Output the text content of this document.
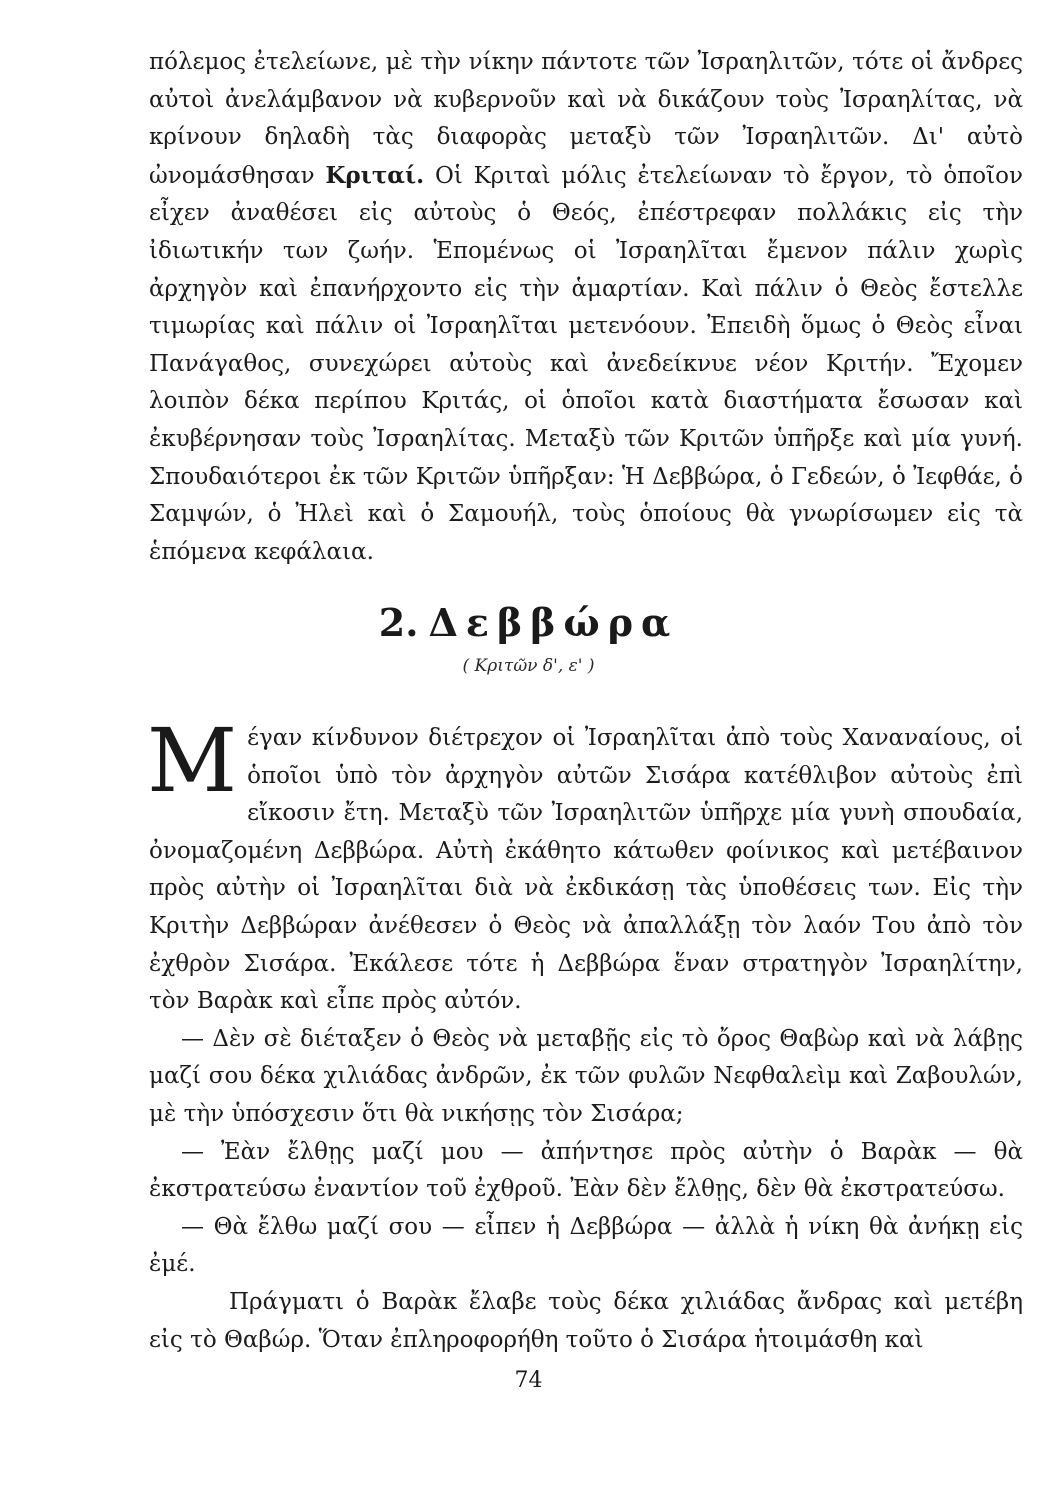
πόλεμος ἐτελείωνε, μὲ τὴν νίκην πάντοτε τῶν Ἰσραηλιτῶν, τότε οἱ ἄνδρες αὐτοὶ ἀνελάμβανον νὰ κυβερνοῦν καὶ νὰ δικάζουν τοὺς Ἰσραηλίτας, νὰ κρίνουν δηλαδὴ τὰς διαφορὰς μεταξὺ τῶν Ἰσραηλιτῶν. Δι' αὐτὸ ὠνομάσθησαν Κριταί. Οἱ Κριταὶ μόλις ἐτελείωναν τὸ ἔργον, τὸ ὁποῖον εἶχεν ἀναθέσει εἰς αὐτοὺς ὁ Θεός, ἐπέστρεφαν πολλάκις εἰς τὴν ἰδιωτικήν των ζωήν. Ἑπομένως οἱ Ἰσραηλῖται ἔμενον πάλιν χωρὶς ἀρχηγὸν καὶ ἐπανήρχοντο εἰς τὴν ἁμαρτίαν. Καὶ πάλιν ὁ Θεὸς ἔστελλε τιμωρίας καὶ πάλιν οἱ Ἰσραηλῖται μετενόουν. Ἐπειδὴ ὅμως ὁ Θεὸς εἶναι Πανάγαθος, συνεχώρει αὐτοὺς καὶ ἀνεδείκνυε νέον Κριτήν. Ἔχομεν λοιπὸν δέκα περίπου Κριτάς, οἱ ὁποῖοι κατὰ διαστήματα ἔσωσαν καὶ ἐκυβέρνησαν τοὺς Ἰσραηλίτας. Μεταξὺ τῶν Κριτῶν ὑπῆρξε καὶ μία γυνή. Σπουδαιότεροι ἐκ τῶν Κριτῶν ὑπῆρξαν: Ἡ Δεββώρα, ὁ Γεδεών, ὁ Ἰεφθάε, ὁ Σαμψών, ὁ Ἠλεὶ καὶ ὁ Σαμουήλ, τοὺς ὁποίους θὰ γνωρίσωμεν εἰς τὰ ἑπόμενα κεφάλαια.

2. Δεββώρα

( Κριτῶν δ', ε' )

Μέγαν κίνδυνον διέτρεχον οἱ Ἰσραηλῖται ἀπὸ τοὺς Χαναναίους, οἱ ὁποῖοι ὑπὸ τὸν ἀρχηγὸν αὐτῶν Σισάρα κατέθλιβον αὐτοὺς ἐπὶ εἴκοσιν ἔτη. Μεταξὺ τῶν Ἰσραηλιτῶν ὑπῆρχε μία γυνὴ σπουδαία, ὀνομαζομένη Δεββώρα. Αὐτὴ ἐκάθητο κάτωθεν φοίνικος καὶ μετέβαινον πρὸς αὐτὴν οἱ Ἰσραηλῖται διὰ νὰ ἐκδικάσῃ τὰς ὑποθέσεις των. Εἰς τὴν Κριτὴν Δεββώραν ἀνέθεσεν ὁ Θεὸς νὰ ἀπαλλάξῃ τὸν λαόν Του ἀπὸ τὸν ἐχθρὸν Σισάρα. Ἐκάλεσε τότε ἡ Δεββώρα ἕναν στρατηγὸν Ἰσραηλίτην, τὸν Βαρὰκ καὶ εἶπε πρὸς αὐτόν.

— Δὲν σὲ διέταξεν ὁ Θεὸς νὰ μεταβῇς εἰς τὸ ὄρος Θαβὼρ καὶ νὰ λάβῃς μαζί σου δέκα χιλιάδας ἀνδρῶν, ἐκ τῶν φυλῶν Νεφθαλεὶμ καὶ Ζαβουλών, μὲ τὴν ὑπόσχεσιν ὅτι θὰ νικήσῃς τὸν Σισάρα;

— Ἐὰν ἔλθῃς μαζί μου — ἀπήντησε πρὸς αὐτὴν ὁ Βαρὰκ — θὰ ἐκστρατεύσω ἐναντίον τοῦ ἐχθροῦ. Ἐὰν δὲν ἔλθῃς, δὲν θὰ ἐκστρατεύσω.

— Θὰ ἔλθω μαζί σου — εἶπεν ἡ Δεββώρα — ἀλλὰ ἡ νίκη θὰ ἀνήκῃ εἰς ἐμέ.

Πράγματι ὁ Βαρὰκ ἔλαβε τοὺς δέκα χιλιάδας ἄνδρας καὶ μετέβη εἰς τὸ Θαβώρ. Ὅταν ἐπληροφορήθη τοῦτο ὁ Σισάρα ἡτοιμάσθη καὶ

74
